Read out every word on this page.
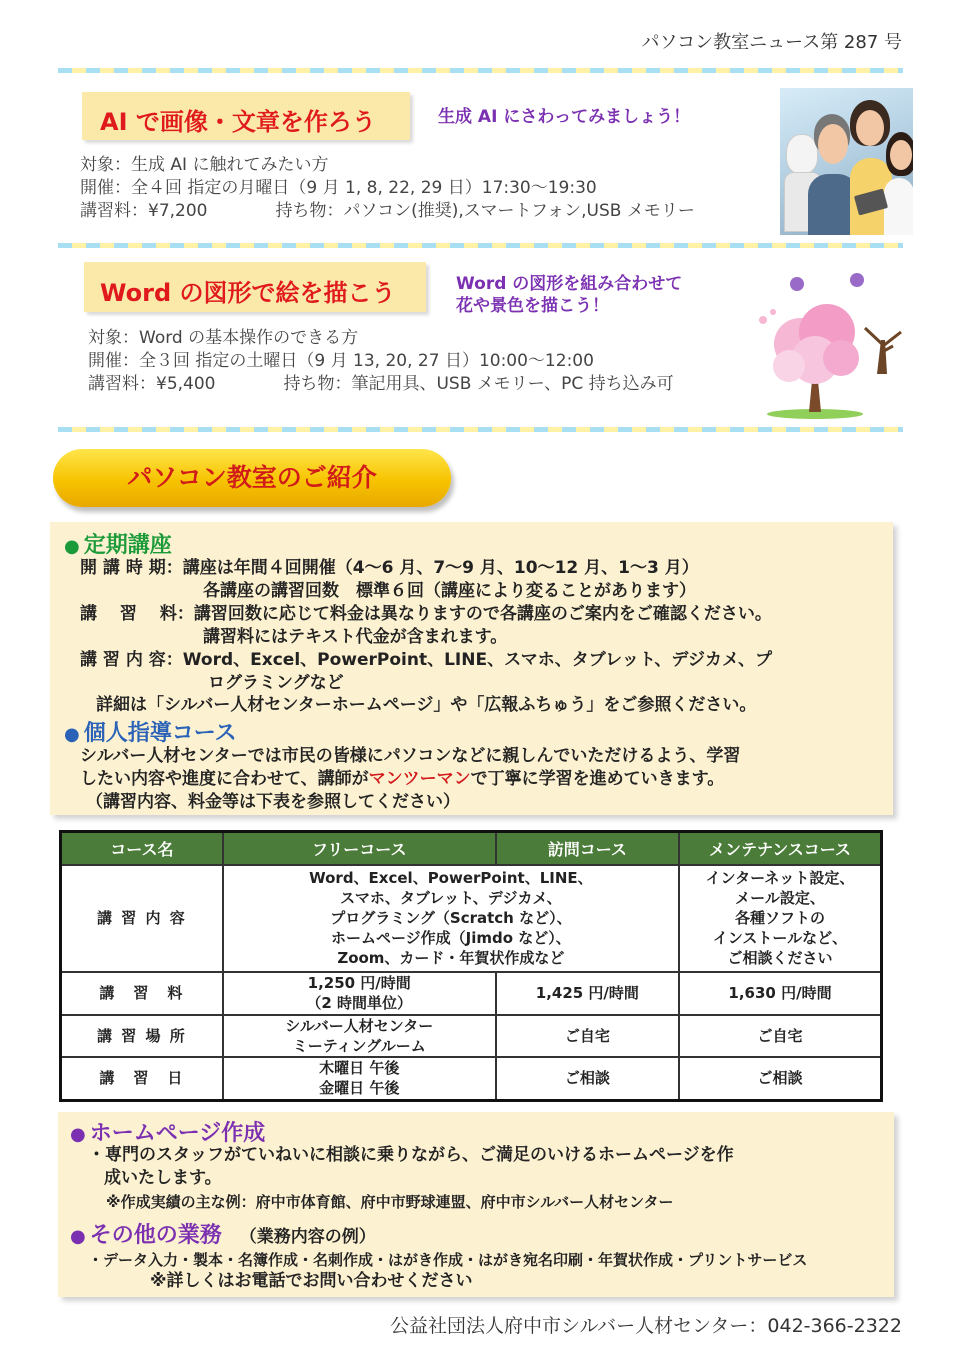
パソコン教室ニュース第 287 号
AI で画像・文章を作ろう	生成 AI にさわってみましょう！
対象：生成 AI に触れてみたい方
開催：全４回 指定の月曜日（9 月 1, 8, 22, 29 日）17:30～19:30
講習料：¥7,200　　　　持ち物：パソコン(推奨),スマートフォン,USB メモリー
Word の図形で絵を描こう	Word の図形を組み合わせて
花や景色を描こう！
対象：Word の基本操作のできる方
開催：全３回 指定の土曜日（9 月 13, 20, 27 日）10:00～12:00
講習料：¥5,400　　　　持ち物：筆記用具、USB メモリー、PC 持ち込み可
パソコン教室のご紹介
● 定期講座
開 講 時 期：講座は年間４回開催（4～6 月、7～9 月、10～12 月、1～3 月）
各講座の講習回数　標準６回（講座により変ることがあります）
講　 習　 料：講習回数に応じて料金は異なりますので各講座のご案内をご確認ください。
講習料にはテキスト代金が含まれます。
講 習 内 容：Word、Excel、PowerPoint、LINE、スマホ、タブレット、デジカメ、プ
ログラミングなど
詳細は「シルバー人材センターホームページ」や「広報ふちゅう」をご参照ください。
● 個人指導コース
シルバー人材センターでは市民の皆様にパソコンなどに親しんでいただけるよう、学習
したい内容や進度に合わせて、講師がマンツーマンで丁寧に学習を進めていきます。
（講習内容、料金等は下表を参照してください）
コース名	フリーコース	訪問コース	メンテナンスコース
講 習 内 容	Word、Excel、PowerPoint、LINE、
スマホ、タブレット、デジカメ、
プログラミング（Scratch など）、
ホームページ作成（Jimdo など）、
Zoom、カード・年賀状作成など		インターネット設定、
メール設定、
各種ソフトの
インストールなど、
ご相談ください
講　習　料	1,250 円/時間
（2 時間単位）	1,425 円/時間	1,630 円/時間
講 習 場 所	シルバー人材センター
ミーティングルーム	ご自宅	ご自宅
講　習　日	木曜日 午後
金曜日 午後	ご相談	ご相談
● ホームページ作成
・専門のスタッフがていねいに相談に乗りながら、ご満足のいけるホームページを作
成いたします。
※作成実績の主な例：府中市体育館、府中市野球連盟、府中市シルバー人材センター
● その他の業務 （業務内容の例）
・データ入力・製本・名簿作成・名刺作成・はがき作成・はがき宛名印刷・年賀状作成・プリントサービス
※詳しくはお電話でお問い合わせください
公益社団法人府中市シルバー人材センター：042-366-2322
